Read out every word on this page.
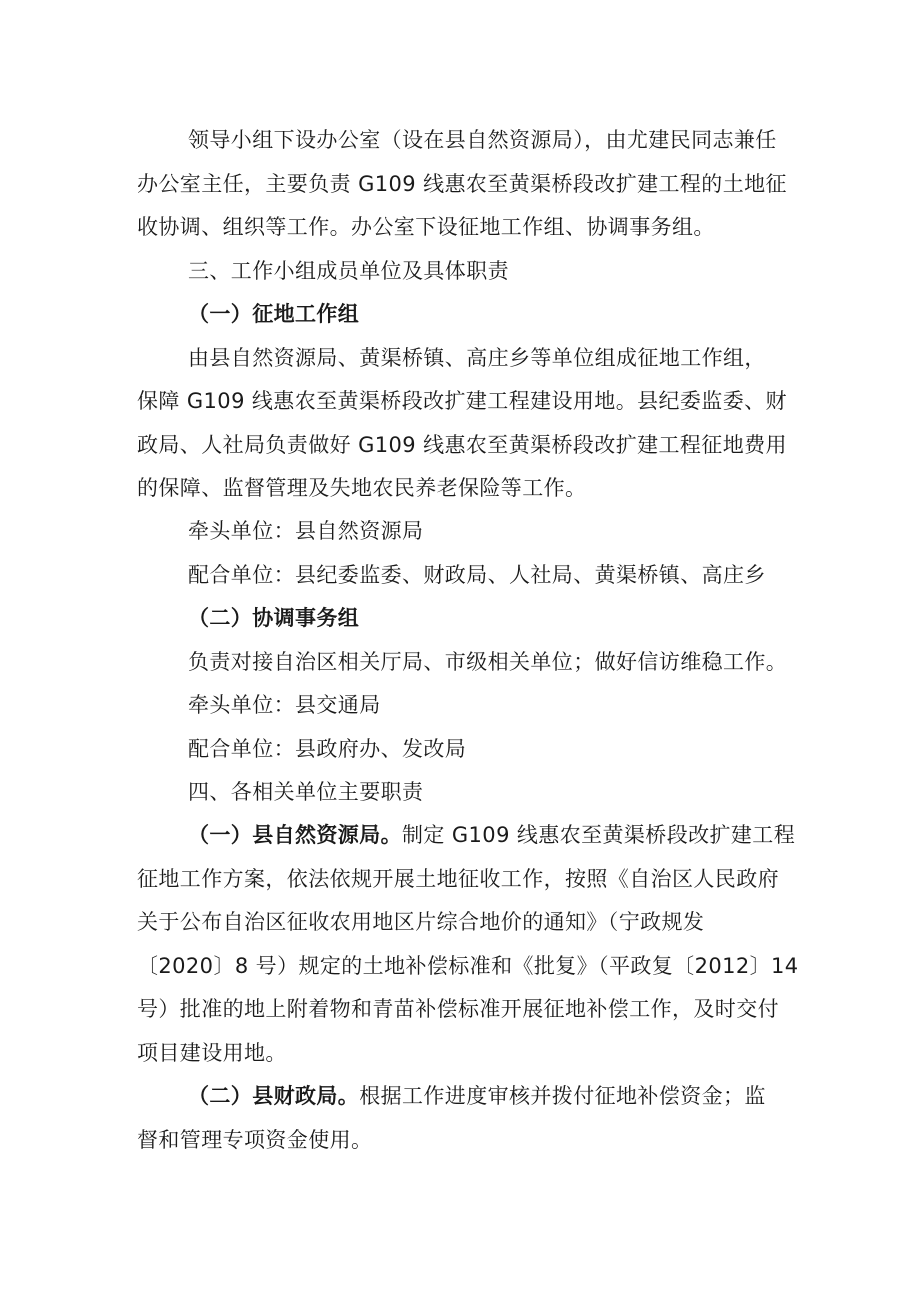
领导小组下设办公室（设在县自然资源局），由尤建民同志兼任
办公室主任，主要负责 G109 线惠农至黄渠桥段改扩建工程的土地征
收协调、组织等工作。办公室下设征地工作组、协调事务组。
三、工作小组成员单位及具体职责
（一）征地工作组
由县自然资源局、黄渠桥镇、高庄乡等单位组成征地工作组，
保障 G109 线惠农至黄渠桥段改扩建工程建设用地。县纪委监委、财
政局、人社局负责做好 G109 线惠农至黄渠桥段改扩建工程征地费用
的保障、监督管理及失地农民养老保险等工作。
牵头单位：县自然资源局
配合单位：县纪委监委、财政局、人社局、黄渠桥镇、高庄乡
（二）协调事务组
负责对接自治区相关厅局、市级相关单位；做好信访维稳工作。
牵头单位：县交通局
配合单位：县政府办、发改局
四、各相关单位主要职责
（一）县自然资源局。制定 G109 线惠农至黄渠桥段改扩建工程
征地工作方案，依法依规开展土地征收工作，按照《自治区人民政府
关于公布自治区征收农用地区片综合地价的通知》（宁政规发
〔2020〕8 号）规定的土地补偿标准和《批复》（平政复〔2012〕14
号）批准的地上附着物和青苗补偿标准开展征地补偿工作，及时交付
项目建设用地。
（二）县财政局。根据工作进度审核并拨付征地补偿资金；监
督和管理专项资金使用。
